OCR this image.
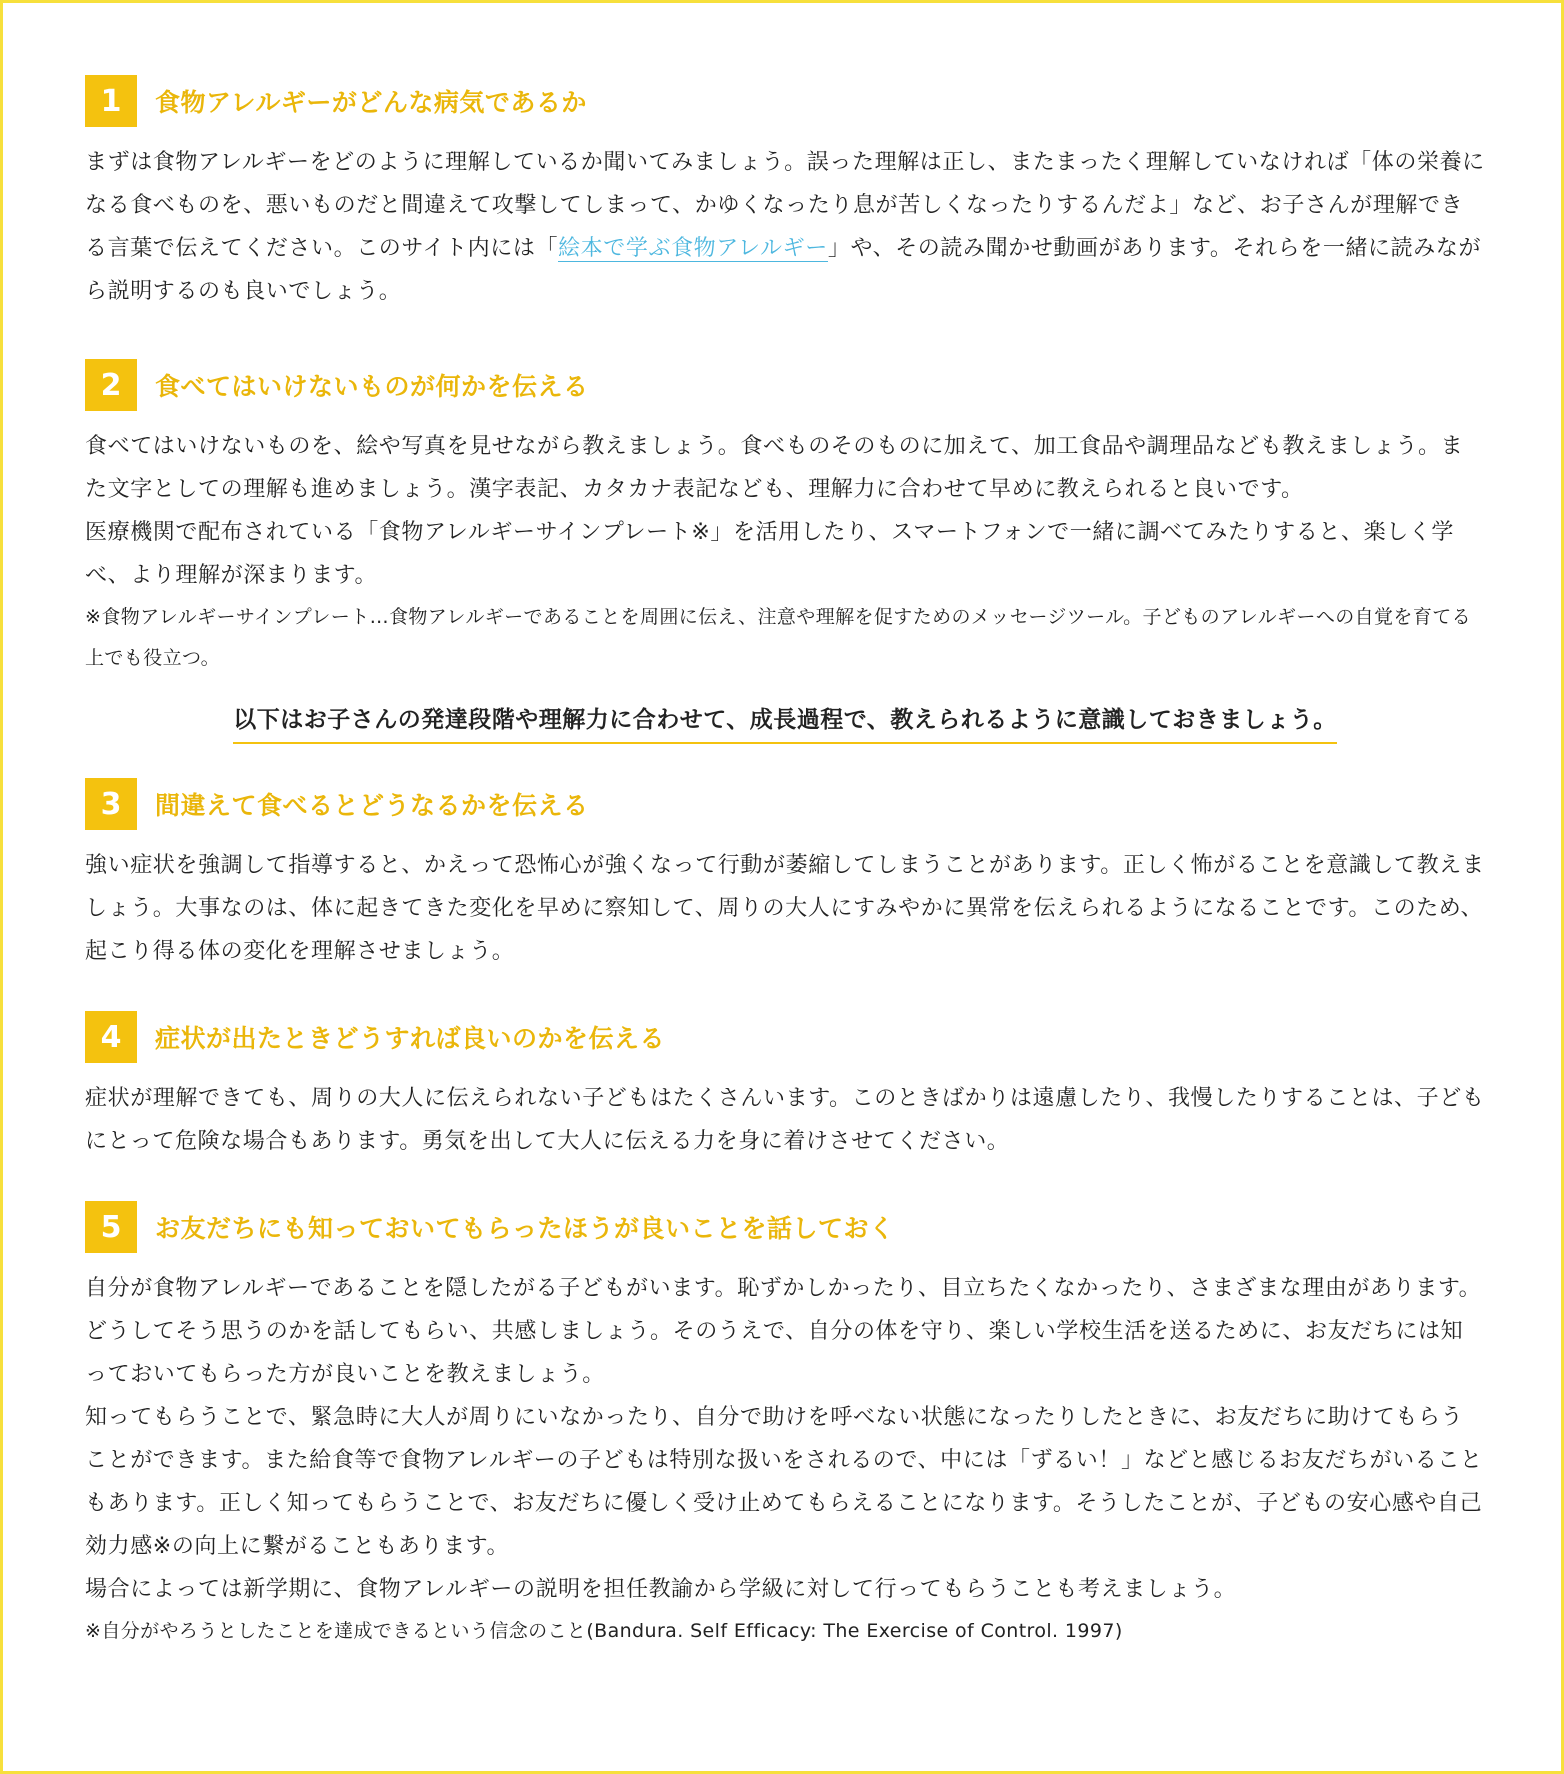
1	食物アレルギーがどんな病気であるか

まずは食物アレルギーをどのように理解しているか聞いてみましょう。誤った理解は正し、またまったく理解していなければ「体の栄養になる食べものを、悪いものだと間違えて攻撃してしまって、かゆくなったり息が苦しくなったりするんだよ」など、お子さんが理解できる言葉で伝えてください。このサイト内には「絵本で学ぶ食物アレルギー」や、その読み聞かせ動画があります。それらを一緒に読みながら説明するのも良いでしょう。

2	食べてはいけないものが何かを伝える

食べてはいけないものを、絵や写真を見せながら教えましょう。食べものそのものに加えて、加工食品や調理品なども教えましょう。また文字としての理解も進めましょう。漢字表記、カタカナ表記なども、理解力に合わせて早めに教えられると良いです。

医療機関で配布されている「食物アレルギーサインプレート※」を活用したり、スマートフォンで一緒に調べてみたりすると、楽しく学べ、より理解が深まります。

※食物アレルギーサインプレート…食物アレルギーであることを周囲に伝え、注意や理解を促すためのメッセージツール。子どものアレルギーへの自覚を育てる上でも役立つ。

以下はお子さんの発達段階や理解力に合わせて、成長過程で、教えられるように意識しておきましょう。
3	間違えて食べるとどうなるかを伝える

強い症状を強調して指導すると、かえって恐怖心が強くなって行動が萎縮してしまうことがあります。正しく怖がることを意識して教えましょう。大事なのは、体に起きてきた変化を早めに察知して、周りの大人にすみやかに異常を伝えられるようになることです。このため、起こり得る体の変化を理解させましょう。

4	症状が出たときどうすれば良いのかを伝える

症状が理解できても、周りの大人に伝えられない子どもはたくさんいます。このときばかりは遠慮したり、我慢したりすることは、子どもにとって危険な場合もあります。勇気を出して大人に伝える力を身に着けさせてください。

5	お友だちにも知っておいてもらったほうが良いことを話しておく

自分が食物アレルギーであることを隠したがる子どもがいます。恥ずかしかったり、目立ちたくなかったり、さまざまな理由があります。どうしてそう思うのかを話してもらい、共感しましょう。そのうえで、自分の体を守り、楽しい学校生活を送るために、お友だちには知っておいてもらった方が良いことを教えましょう。

知ってもらうことで、緊急時に大人が周りにいなかったり、自分で助けを呼べない状態になったりしたときに、お友だちに助けてもらうことができます。また給食等で食物アレルギーの子どもは特別な扱いをされるので、中には「ずるい！」などと感じるお友だちがいることもあります。正しく知ってもらうことで、お友だちに優しく受け止めてもらえることになります。そうしたことが、子どもの安心感や自己効力感※の向上に繋がることもあります。

場合によっては新学期に、食物アレルギーの説明を担任教諭から学級に対して行ってもらうことも考えましょう。

※自分がやろうとしたことを達成できるという信念のこと(Bandura. Self Efficacy: The Exercise of Control. 1997)
